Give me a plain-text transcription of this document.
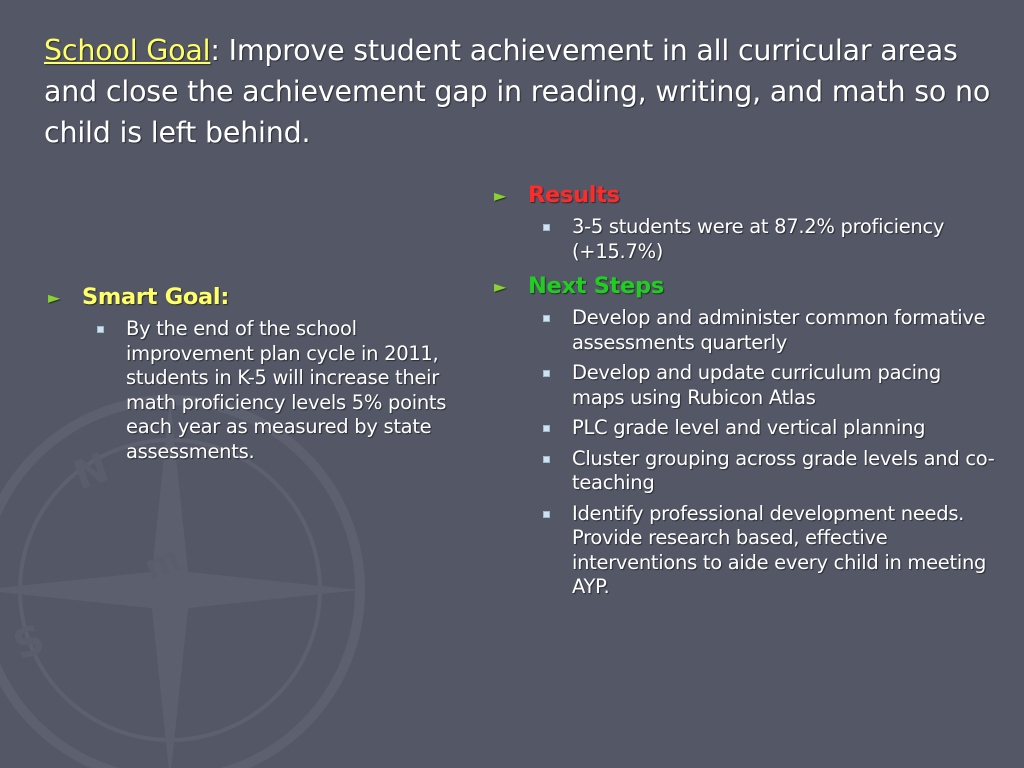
N
S
m
School Goal: Improve student achievement in all curricular areas and close the achievement gap in reading, writing, and math so no child is left behind.
► Smart Goal:
By the end of the school improvement plan cycle in 2011, students in K-5 will increase their math proficiency levels 5% points each year as measured by state assessments.
► Results
3-5 students were at 87.2% proficiency (+15.7%)
► Next Steps
Develop and administer common formative assessments quarterly
Develop and update curriculum pacing maps using Rubicon Atlas
PLC grade level and vertical planning
Cluster grouping across grade levels and co-teaching
Identify professional development needs. Provide research based, effective interventions to aide every child in meeting AYP.
